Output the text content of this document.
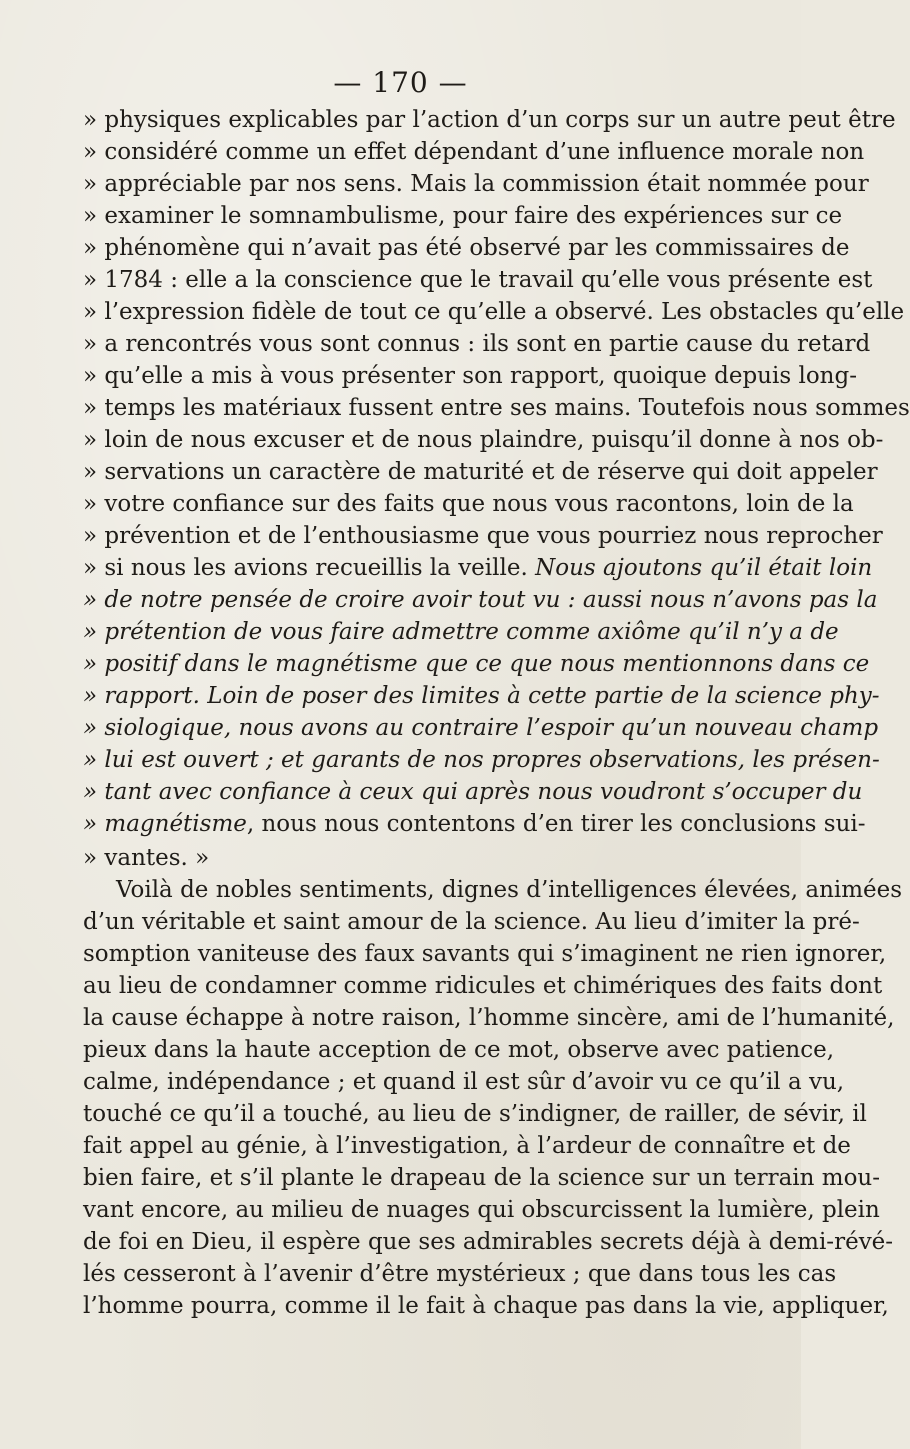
— 170 —
» physiques explicables par l’action d’un corps sur un autre peut être
» considéré comme un effet dépendant d’une influence morale non
» appréciable par nos sens. Mais la commission était nommée pour
» examiner le somnambulisme, pour faire des expériences sur ce
» phénomène qui n’avait pas été observé par les commissaires de
» 1784 : elle a la conscience que le travail qu’elle vous présente est
» l’expression fidèle de tout ce qu’elle a observé. Les obstacles qu’elle
» a rencontrés vous sont connus : ils sont en partie cause du retard
» qu’elle a mis à vous présenter son rapport, quoique depuis long-
» temps les matériaux fussent entre ses mains. Toutefois nous sommes
» loin de nous excuser et de nous plaindre, puisqu’il donne à nos ob-
» servations un caractère de maturité et de réserve qui doit appeler
» votre confiance sur des faits que nous vous racontons, loin de la
» prévention et de l’enthousiasme que vous pourriez nous reprocher
» si nous les avions recueillis la veille. Nous ajoutons qu’il était loin
» de notre pensée de croire avoir tout vu : aussi nous n’avons pas la
» prétention de vous faire admettre comme axiôme qu’il n’y a de
» positif dans le magnétisme que ce que nous mentionnons dans ce
» rapport. Loin de poser des limites à cette partie de la science phy-
» siologique, nous avons au contraire l’espoir qu’un nouveau champ
» lui est ouvert ; et garants de nos propres observations, les présen-
» tant avec confiance à ceux qui après nous voudront s’occuper du
» magnétisme, nous nous contentons d’en tirer les conclusions sui-
» vantes. »
Voilà de nobles sentiments, dignes d’intelligences élevées, animées
d’un véritable et saint amour de la science. Au lieu d’imiter la pré-
somption vaniteuse des faux savants qui s’imaginent ne rien ignorer,
au lieu de condamner comme ridicules et chimériques des faits dont
la cause échappe à notre raison, l’homme sincère, ami de l’humanité,
pieux dans la haute acception de ce mot, observe avec patience,
calme, indépendance ; et quand il est sûr d’avoir vu ce qu’il a vu,
touché ce qu’il a touché, au lieu de s’indigner, de railler, de sévir, il
fait appel au génie, à l’investigation, à l’ardeur de connaître et de
bien faire, et s’il plante le drapeau de la science sur un terrain mou-
vant encore, au milieu de nuages qui obscurcissent la lumière, plein
de foi en Dieu, il espère que ses admirables secrets déjà à demi-révé-
lés cesseront à l’avenir d’être mystérieux ; que dans tous les cas
l’homme pourra, comme il le fait à chaque pas dans la vie, appliquer,
